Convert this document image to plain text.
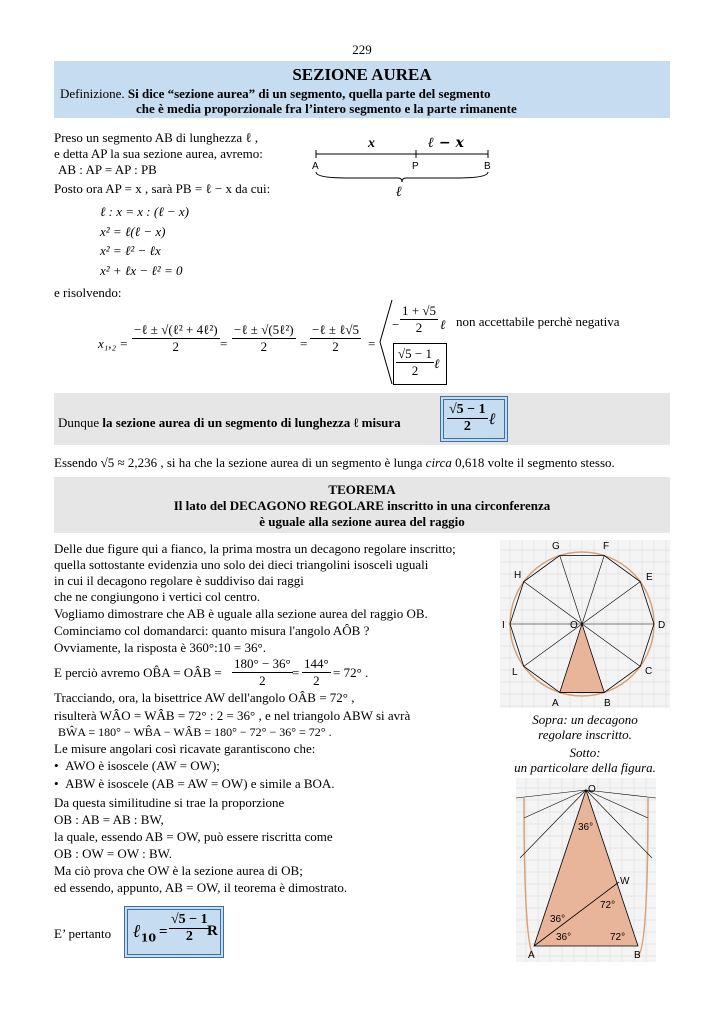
229
SEZIONE AUREA
Definizione. Si dice “sezione aurea” di un segmento, quella parte del segmento
che è media proporzionale fra l’intero segmento e la parte rimanente
Preso un segmento AB di lunghezza ℓ ,
e detta AP la sua sezione aurea, avremo:
AB : AP = AP : PB
Posto ora AP = x , sarà PB = ℓ − x da cui:
x	ℓ − x
A	P	B
ℓ
ℓ : x = x : (ℓ − x)
x² = ℓ(ℓ − x)
x² = ℓ² − ℓx
x² + ℓx − ℓ² = 0
e risolvendo:
x₁,₂ =
−ℓ ± √(ℓ² + 4ℓ²)
2	=
−ℓ ± √(5ℓ²)
2	=
−ℓ ± ℓ√5
2	=
− $\frac{1 + √5}{2}$ ℓ non accettabile perchè negativa
$\frac{√5 - 1}{2}$ ℓ
Dunque la sezione aurea di un segmento di lunghezza ℓ misura	$\frac{√5 - 1}{2}$ ℓ
Essendo √5 ≈ 2,236 , si ha che la sezione aurea di un segmento è lunga circa 0,618 volte il segmento stesso.
TEOREMA
Il lato del DECAGONO REGOLARE inscritto in una circonferenza
è uguale alla sezione aurea del raggio
Delle due figure qui a fianco, la prima mostra un decagono regolare inscritto;
quella sottostante evidenzia uno solo dei dieci triangolini isosceli uguali
in cui il decagono regolare è suddiviso dai raggi
che ne congiungono i vertici col centro.
Vogliamo dimostrare che AB è uguale alla sezione aurea del raggio OB.
Cominciamo col domandarci: quanto misura l'angolo AÔB ?
Ovviamente, la risposta è 360°:10 = 36°.
E perciò avremo OB̂A = OÂB = $\frac{180^\circ - 36^\circ}{2} = \frac{144^\circ}{2} = 72^\circ$ .
Tracciando, ora, la bisettrice AW dell'angolo OÂB = 72° ,
risulterà WÂO = WÂB = 72° : 2 = 36° , e nel triangolo ABW si avrà
BŴA = 180° − WB̂A − WÂB = 180° − 72° − 36° = 72° .
Le misure angolari così ricavate garantiscono che:
•  AWO è isoscele (AW = OW);
•  ABW è isoscele (AB = AW = OW) e simile a BOA.
Da questa similitudine si trae la proporzione
OB : AB = AB : BW,
la quale, essendo AB = OW, può essere riscritta come
OB : OW = OW : BW.
Ma ciò prova che OW è la sezione aurea di OB;
ed essendo, appunto, AB = OW, il teorema è dimostrato.
E’ pertanto ℓ$_{10}$ = $\frac{√5 - 1}{2}$
R
G	F
H	E
I	O	D
L	C
A	B
Sopra: un decagono
regolare inscritto.
Sotto:
un particolare della figura.
O
W
A	B
36°
72°
36°
36°	72°
